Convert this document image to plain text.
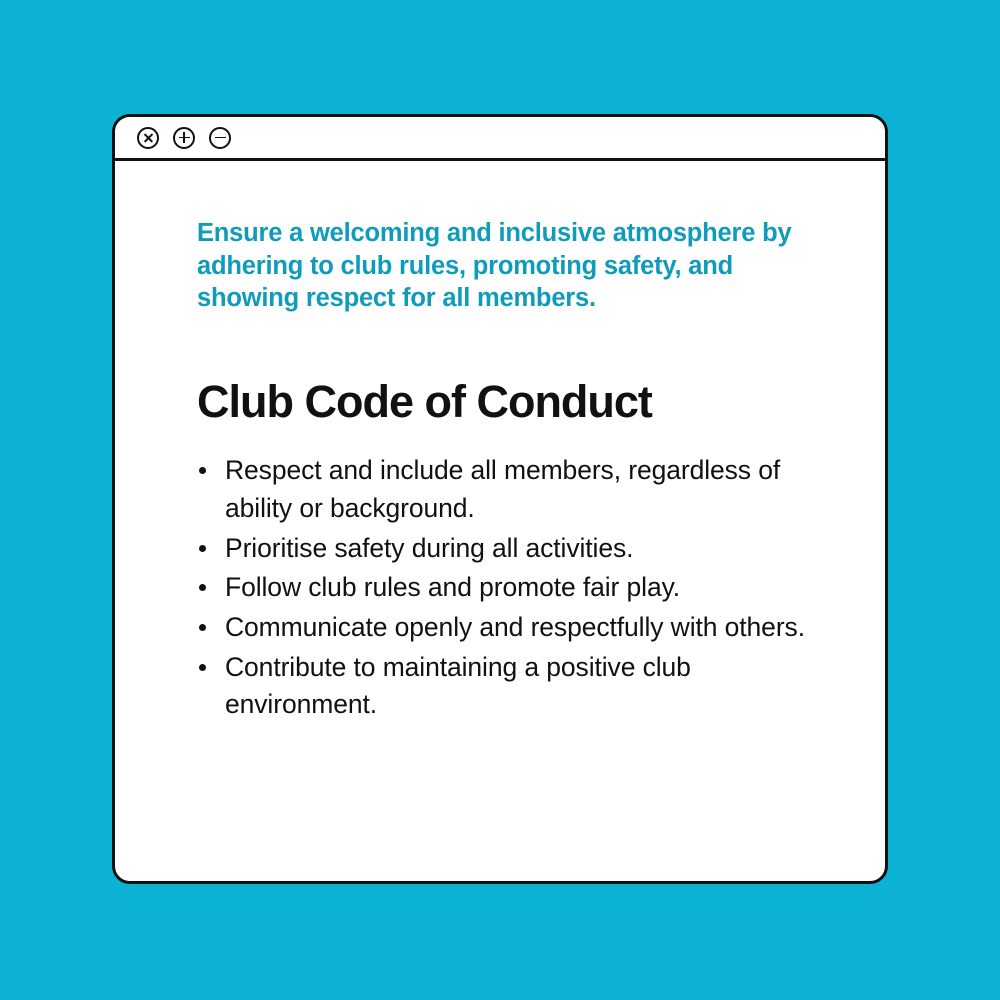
Ensure a welcoming and inclusive atmosphere by adhering to club rules, promoting safety, and showing respect for all members.

Club Code of Conduct
Respect and include all members, regardless of ability or background.
Prioritise safety during all activities.
Follow club rules and promote fair play.
Communicate openly and respectfully with others.
Contribute to maintaining a positive club environment.
